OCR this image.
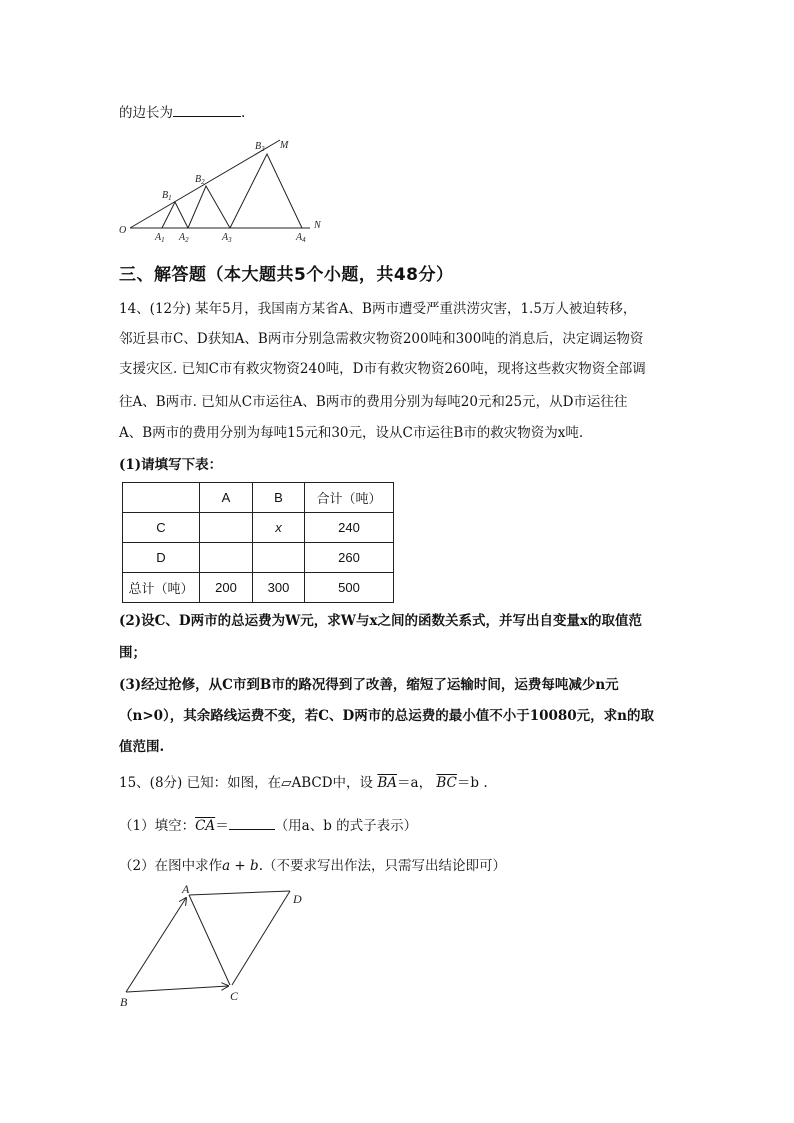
的边长为	.
O
$A_1$ $A_2$	$A_3$	$A_4$
$B_1$
$B_2$
$B_3$ M
N
三、解答题（本大题共5个小题，共48分）
14、(12分) 某年5月，我国南方某省A、B两市遭受严重洪涝灾害，1.5万人被迫转移，
邻近县市C、D获知A、B两市分别急需救灾物资200吨和300吨的消息后，决定调运物资
支援灾区. 已知C市有救灾物资240吨，D市有救灾物资260吨，现将这些救灾物资全部调
往A、B两市. 已知从C市运往A、B两市的费用分别为每吨20元和25元，从D市运往往
A、B两市的费用分别为每吨15元和30元，设从C市运往B市的救灾物资为x吨.
(1)请填写下表：
	A	B	合计（吨）
C		x	240
D			260
总计（吨）	200	300	500
(2)设C、D两市的总运费为W元，求W与x之间的函数关系式，并写出自变量x的取值范
围；
(3)经过抢修，从C市到B市的路况得到了改善，缩短了运输时间，运费每吨减少n元
（n>0），其余路线运费不变，若C、D两市的总运费的最小值不小于10080元，求n的取
值范围.
15、(8分) 已知：如图，在▱ABCD中，设 $\overline{BA}=a$， $\overline{BC}=b$ .
（1）填空：$\overline{CA}=$	（用a、b 的式子表示）
（2）在图中求作a + b.（不要求写出作法，只需写出结论即可）
A
B	C
D
